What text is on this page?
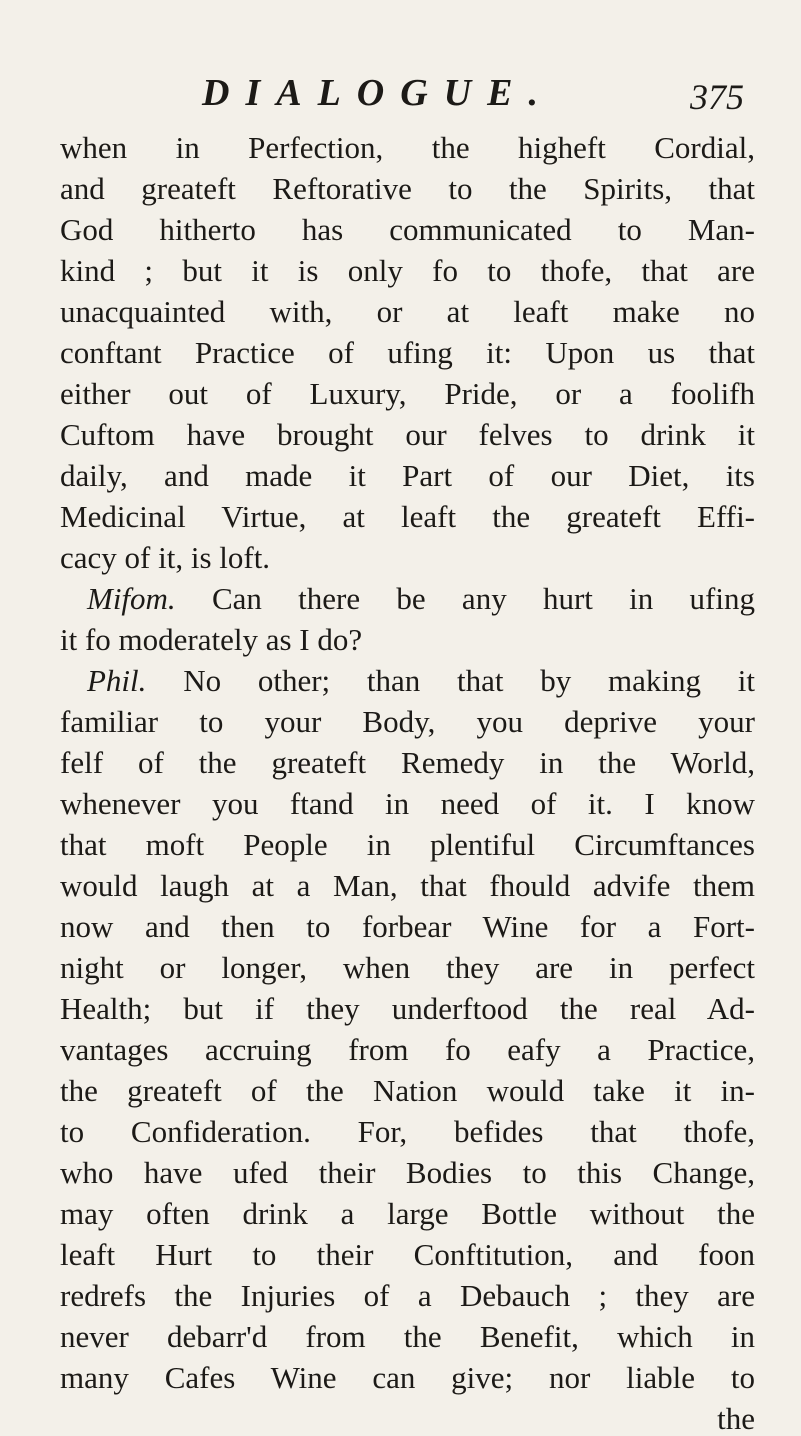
DIALOGUE.	375
when in Perfection, the higheft Cordial,
and greateft Reftorative to the Spirits, that
God hitherto has communicated to Man-
kind ; but it is only fo to thofe, that are
unacquainted with, or at leaft make no
conftant Practice of ufing it: Upon us that
either out of Luxury, Pride, or a foolifh
Cuftom have brought our felves to drink it
daily, and made it Part of our Diet, its
Medicinal Virtue, at leaft the greateft Effi-
cacy of it, is loft.
Mifom. Can there be any hurt in ufing
it fo moderately as I do?
Phil. No other; than that by making it
familiar to your Body, you deprive your
felf of the greateft Remedy in the World,
whenever you ftand in need of it. I know
that moft People in plentiful Circumftances
would laugh at a Man, that fhould advife them
now and then to forbear Wine for a Fort-
night or longer, when they are in perfect
Health; but if they underftood the real Ad-
vantages accruing from fo eafy a Practice,
the greateft of the Nation would take it in-
to Confideration. For, befides that thofe,
who have ufed their Bodies to this Change,
may often drink a large Bottle without the
leaft Hurt to their Conftitution, and foon
redrefs the Injuries of a Debauch ; they are
never debarr'd from the Benefit, which in
many Cafes Wine can give; nor liable to
the
